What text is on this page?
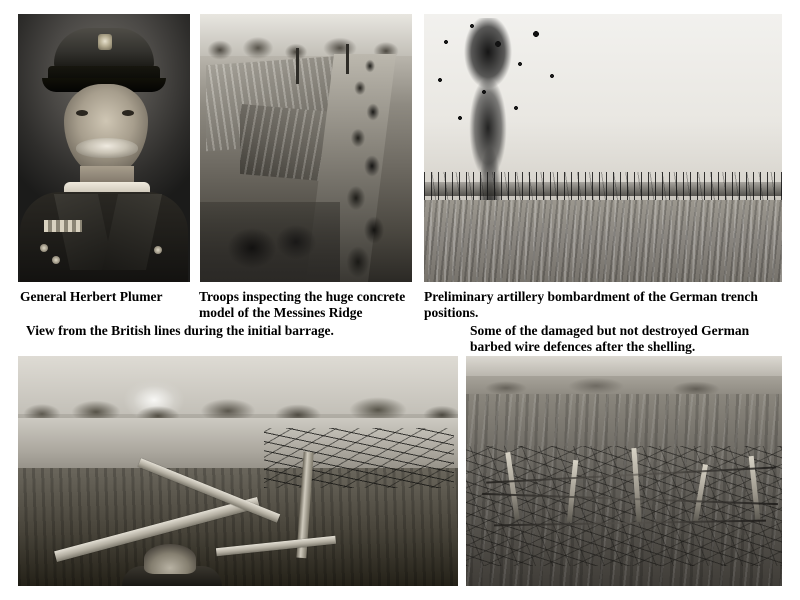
General Herbert Plumer	Troops inspecting the huge concrete model of the Messines Ridge
Preliminary artillery bombardment of the German trench positions.
View from the British lines during the initial barrage.	Some of the damaged but not destroyed German barbed wire defences after the shelling.
